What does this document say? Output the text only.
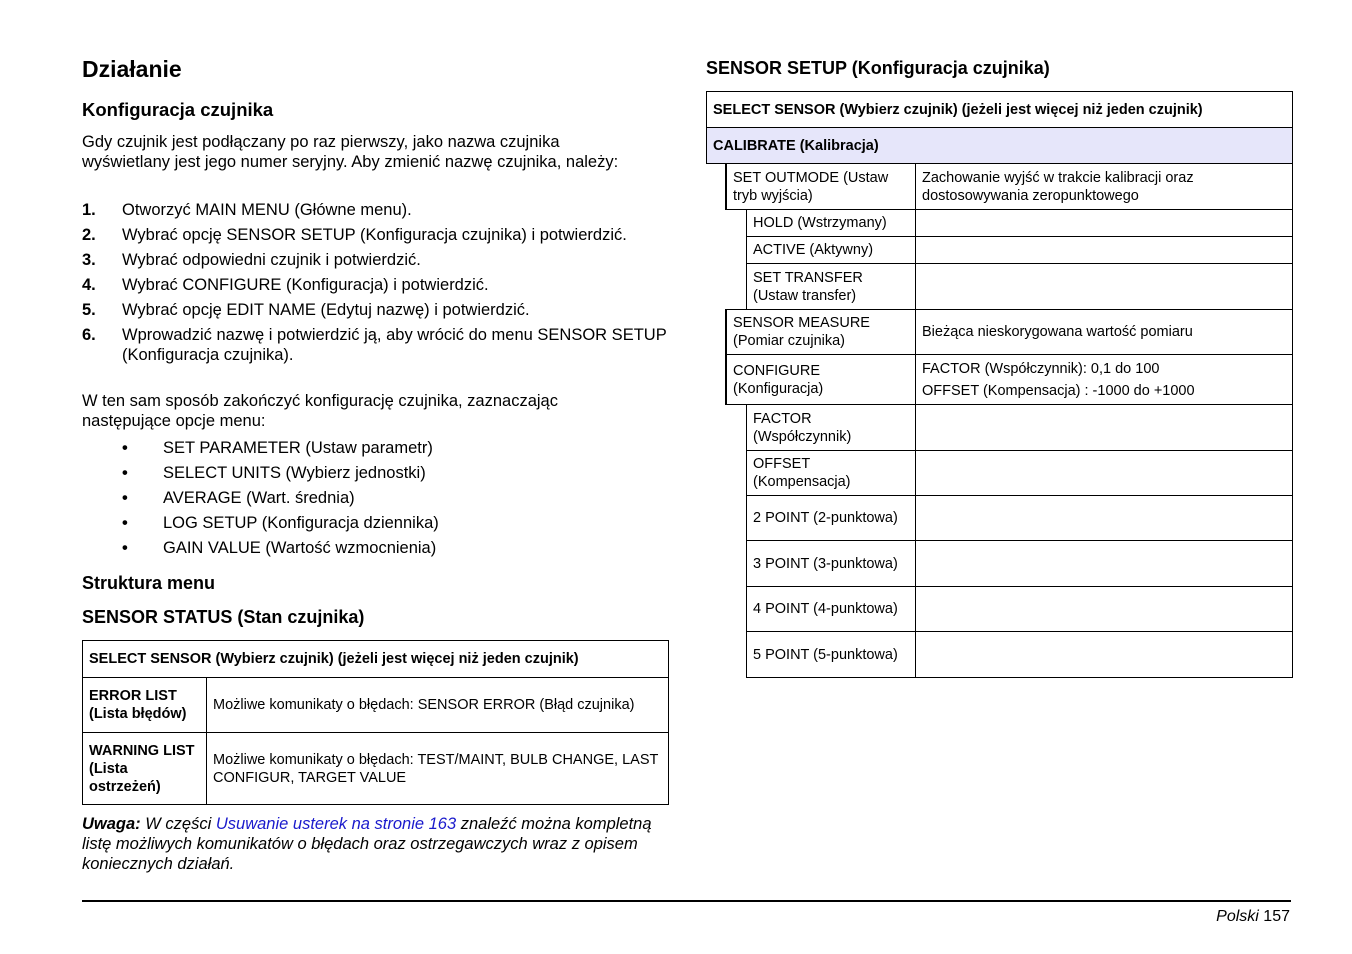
Działanie
Konfiguracja czujnika

Gdy czujnik jest podłączany po raz pierwszy, jako nazwa czujnika wyświetlany jest jego numer seryjny. Aby zmienić nazwę czujnika, należy:

1. Otworzyć MAIN MENU (Główne menu).
2. Wybrać opcję SENSOR SETUP (Konfiguracja czujnika) i potwierdzić.
3. Wybrać odpowiedni czujnik i potwierdzić.
4. Wybrać CONFIGURE (Konfiguracja) i potwierdzić.
5. Wybrać opcję EDIT NAME (Edytuj nazwę) i potwierdzić.
6. Wprowadzić nazwę i potwierdzić ją, aby wrócić do menu SENSOR SETUP (Konfiguracja czujnika).

W ten sam sposób zakończyć konfigurację czujnika, zaznaczając następujące opcje menu:

• SET PARAMETER (Ustaw parametr)
• SELECT UNITS (Wybierz jednostki)
• AVERAGE (Wart. średnia)
• LOG SETUP (Konfiguracja dziennika)
• GAIN VALUE (Wartość wzmocnienia)
Struktura menu
SENSOR STATUS (Stan czujnika)
SELECT SENSOR (Wybierz czujnik) (jeżeli jest więcej niż jeden czujnik)
ERROR LIST (Lista błędów)
Możliwe komunikaty o błędach: SENSOR ERROR (Błąd czujnika)
WARNING LIST (Lista ostrzeżeń)
Możliwe komunikaty o błędach: TEST/MAINT, BULB CHANGE, LAST CONFIGUR, TARGET VALUE

Uwaga: W części Usuwanie usterek na stronie 163 znaleźć można kompletną listę możliwych komunikatów o błędach oraz ostrzegawczych wraz z opisem koniecznych działań.

SENSOR SETUP (Konfiguracja czujnika)
SELECT SENSOR (Wybierz czujnik) (jeżeli jest więcej niż jeden czujnik)
CALIBRATE (Kalibracja)
SET OUTMODE (Ustaw tryb wyjścia)
Zachowanie wyjść w trakcie kalibracji oraz dostosowywania zeropunktowego
HOLD (Wstrzymany)
ACTIVE (Aktywny)
SET TRANSFER (Ustaw transfer)
SENSOR MEASURE (Pomiar czujnika)
Bieżąca nieskorygowana wartość pomiaru
CONFIGURE (Konfiguracja)
FACTOR (Współczynnik): 0,1 do 100
OFFSET (Kompensacja) : -1000 do +1000
FACTOR (Współczynnik)
OFFSET (Kompensacja)
2 POINT (2-punktowa)
3 POINT (3-punktowa)
4 POINT (4-punktowa)
5 POINT (5-punktowa)
Polski 157
